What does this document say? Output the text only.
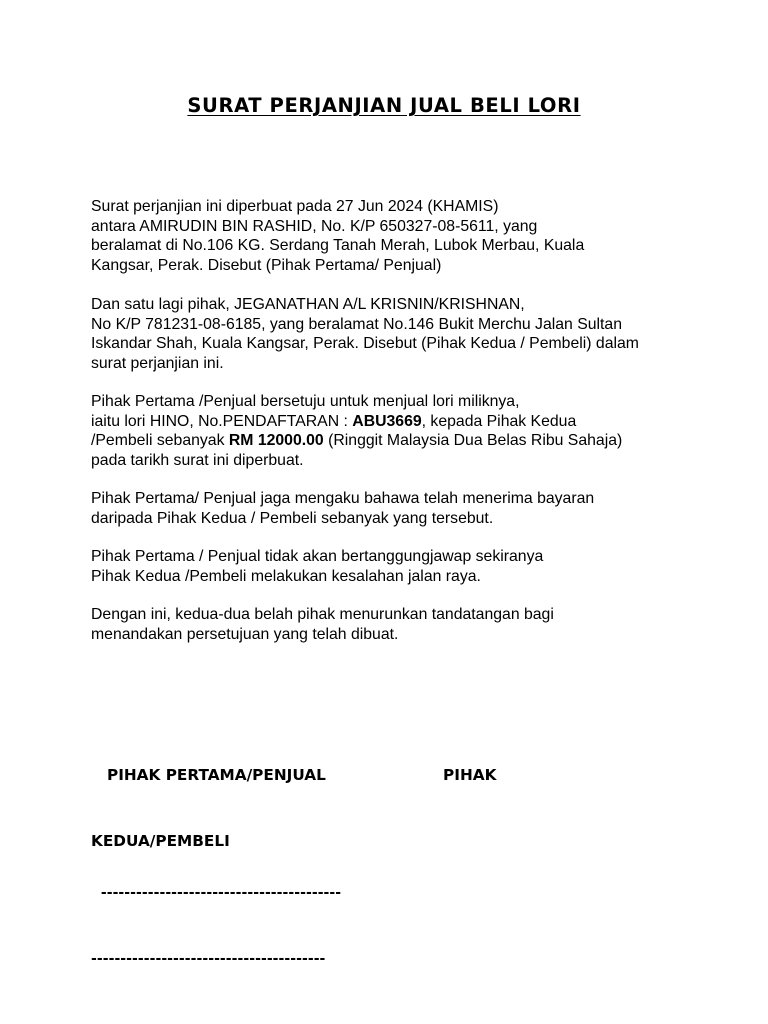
SURAT PERJANJIAN JUAL BELI LORI
Surat perjanjian ini diperbuat pada 27 Jun 2024 (KHAMIS)
antara AMIRUDIN BIN RASHID, No. K/P 650327-08-5611, yang
beralamat di No.106 KG. Serdang Tanah Merah, Lubok Merbau, Kuala
Kangsar, Perak. Disebut (Pihak Pertama/ Penjual)
Dan satu lagi pihak, JEGANATHAN A/L KRISNIN/KRISHNAN,
No K/P 781231-08-6185, yang beralamat No.146 Bukit Merchu Jalan Sultan
Iskandar Shah, Kuala Kangsar, Perak. Disebut (Pihak Kedua / Pembeli) dalam
surat perjanjian ini.
Pihak Pertama /Penjual bersetuju untuk menjual lori miliknya,
iaitu lori HINO, No.PENDAFTARAN : ABU3669, kepada Pihak Kedua
/Pembeli sebanyak RM 12000.00 (Ringgit Malaysia Dua Belas Ribu Sahaja)
pada tarikh surat ini diperbuat.
Pihak Pertama/ Penjual jaga mengaku bahawa telah menerima bayaran
daripada Pihak Kedua / Pembeli sebanyak yang tersebut.
Pihak Pertama / Penjual tidak akan bertanggungjawap sekiranya
Pihak Kedua /Pembeli melakukan kesalahan jalan raya.
Dengan ini, kedua-dua belah pihak menurunkan tandatangan bagi
menandakan persetujuan yang telah dibuat.

PIHAK PERTAMA/PENJUAL                      PIHAK

KEDUA/PEMBELI

-----------------------------------------

----------------------------------------
